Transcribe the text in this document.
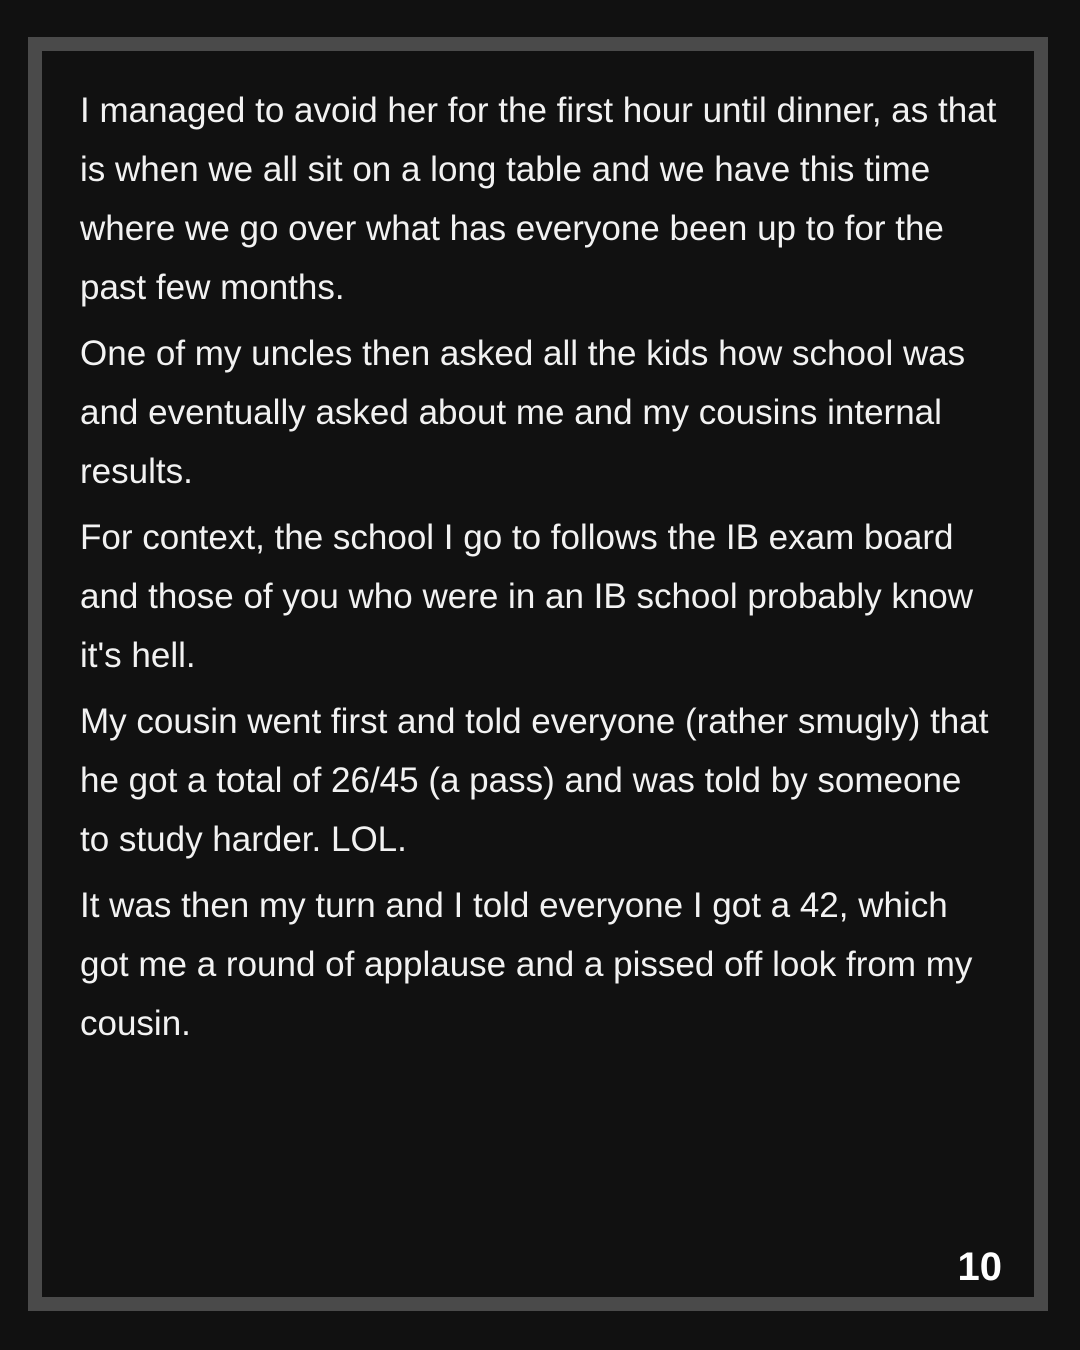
I managed to avoid her for the first hour until dinner, as that is when we all sit on a long table and we have this time where we go over what has everyone been up to for the past few months.

One of my uncles then asked all the kids how school was and eventually asked about me and my cousins internal results.

For context, the school I go to follows the IB exam board and those of you who were in an IB school probably know it's hell.

My cousin went first and told everyone (rather smugly) that he got a total of 26/45 (a pass) and was told by someone to study harder. LOL.

It was then my turn and I told everyone I got a 42, which got me a round of applause and a pissed off look from my cousin.

10
